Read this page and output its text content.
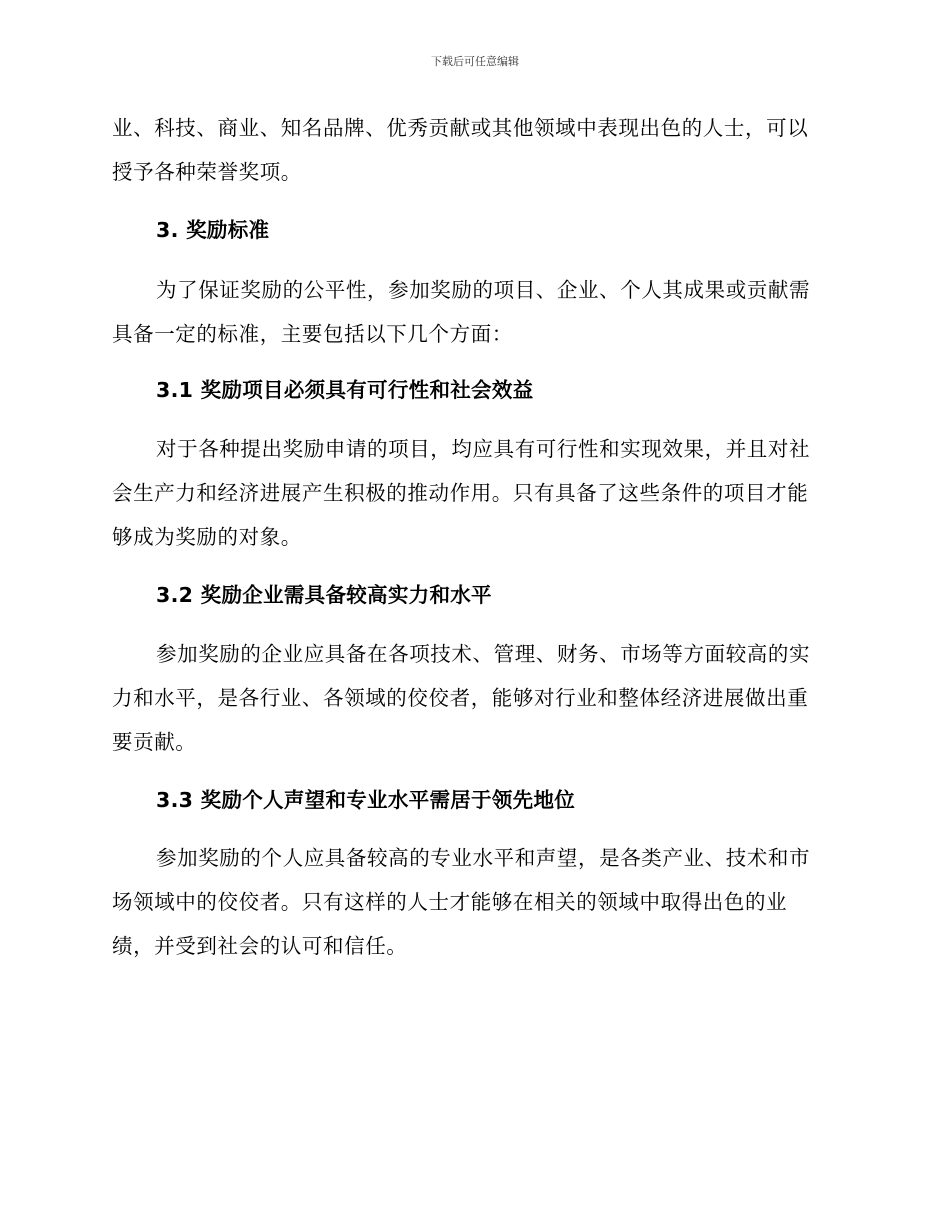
下载后可任意编辑
业、科技、商业、知名品牌、优秀贡献或其他领域中表现出色的人士，可以
授予各种荣誉奖项。
3. 奖励标准
为了保证奖励的公平性，参加奖励的项目、企业、个人其成果或贡献需
具备一定的标准，主要包括以下几个方面：
3.1 奖励项目必须具有可行性和社会效益
对于各种提出奖励申请的项目，均应具有可行性和实现效果，并且对社
会生产力和经济进展产生积极的推动作用。只有具备了这些条件的项目才能
够成为奖励的对象。
3.2 奖励企业需具备较高实力和水平
参加奖励的企业应具备在各项技术、管理、财务、市场等方面较高的实
力和水平，是各行业、各领域的佼佼者，能够对行业和整体经济进展做出重
要贡献。
3.3 奖励个人声望和专业水平需居于领先地位
参加奖励的个人应具备较高的专业水平和声望，是各类产业、技术和市
场领域中的佼佼者。只有这样的人士才能够在相关的领域中取得出色的业
绩，并受到社会的认可和信任。
